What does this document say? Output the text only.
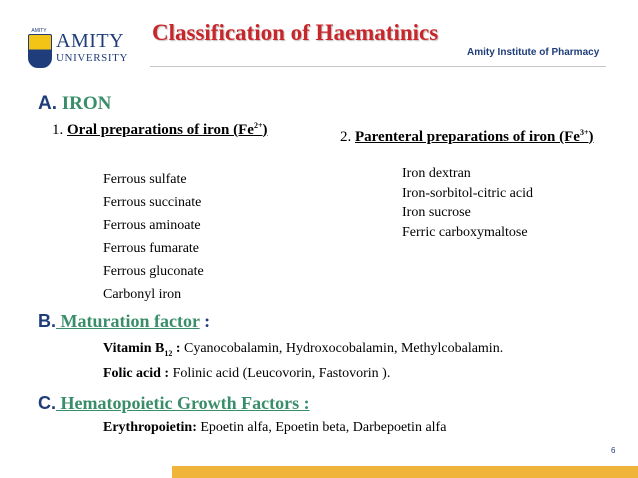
AMITY AMITY
UNIVERSITY
Classification of Haematinics
Amity Institute of Pharmacy
A. IRON
1. Oral preparations of iron $(Fe^{2+})$	2. Parenteral preparations of iron $(Fe^{3+})$
Ferrous sulfate
Ferrous succinate
Ferrous aminoate
Ferrous fumarate
Ferrous gluconate
Carbonyl iron
Iron dextran
Iron-sorbitol-citric acid
Iron sucrose
Ferric carboxymaltose
B. Maturation factor :
Vitamin $B_{12}$ : Cyanocobalamin, Hydroxocobalamin, Methylcobalamin.
Folic acid : Folinic acid (Leucovorin, Fastovorin ).
C. Hematopoietic Growth Factors :
Erythropoietin: Epoetin alfa, Epoetin beta, Darbepoetin alfa
6
